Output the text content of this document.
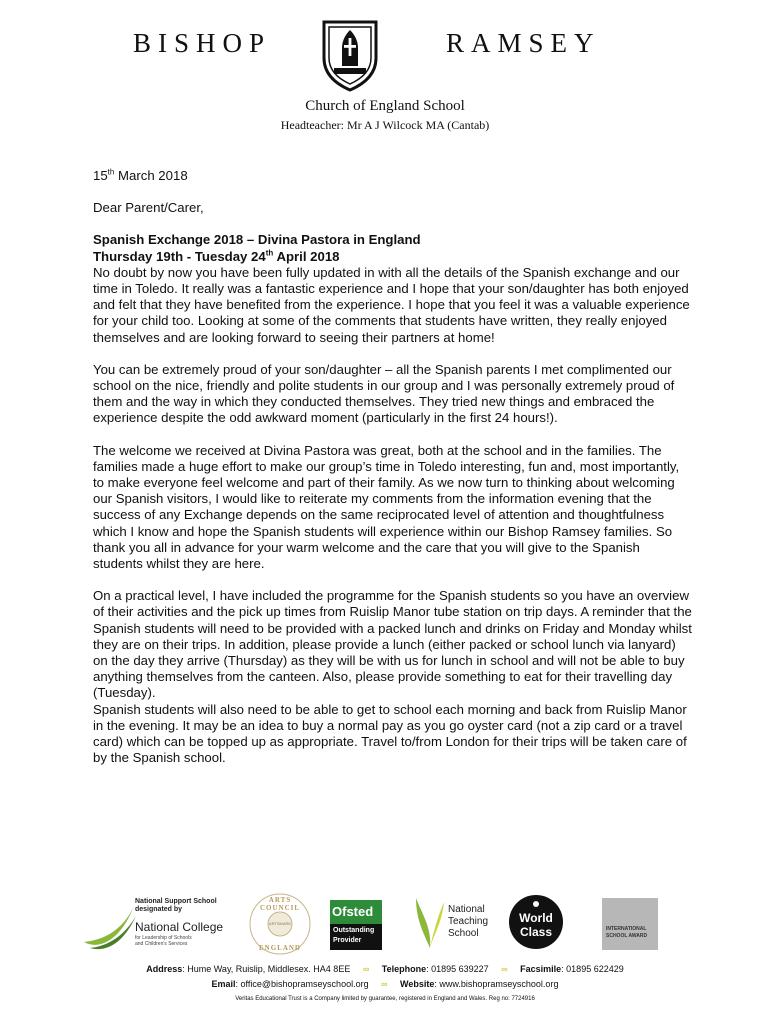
BISHOP	RAMSEY
Church of England School
Headteacher: Mr A J Wilcock MA (Cantab)

15th March 2018

Dear Parent/Carer,

Spanish Exchange 2018 – Divina Pastora in England
Thursday 19th - Tuesday 24th April 2018

No doubt by now you have been fully updated in with all the details of the Spanish exchange and our time in Toledo. It really was a fantastic experience and I hope that your son/daughter has both enjoyed and felt that they have benefited from the experience. I hope that you feel it was a valuable experience for your child too. Looking at some of the comments that students have written, they really enjoyed themselves and are looking forward to seeing their partners at home!

You can be extremely proud of your son/daughter – all the Spanish parents I met complimented our school on the nice, friendly and polite students in our group and I was personally extremely proud of them and the way in which they conducted themselves. They tried new things and embraced the experience despite the odd awkward moment (particularly in the first 24 hours!).

The welcome we received at Divina Pastora was great, both at the school and in the families. The families made a huge effort to make our group’s time in Toledo interesting, fun and, most importantly, to make everyone feel welcome and part of their family. As we now turn to thinking about welcoming our Spanish visitors, I would like to reiterate my comments from the information evening that the success of any Exchange depends on the same reciprocated level of attention and thoughtfulness which I know and hope the Spanish students will experience within our Bishop Ramsey families. So thank you all in advance for your warm welcome and the care that you will give to the Spanish students whilst they are here.

On a practical level, I have included the programme for the Spanish students so you have an overview of their activities and the pick up times from Ruislip Manor tube station on trip days. A reminder that the Spanish students will need to be provided with a packed lunch and drinks on Friday and Monday whilst they are on their trips. In addition, please provide a lunch (either packed or school lunch via lanyard) on the day they arrive (Thursday) as they will be with us for lunch in school and will not be able to buy anything themselves from the canteen. Also, please provide something to eat for their travelling day (Tuesday).
Spanish students will also need to be able to get to school each morning and back from Ruislip Manor in the evening. It may be an idea to buy a normal pay as you go oyster card (not a zip card or a travel card) which can be topped up as appropriate. Travel to/from London for their trips will be taken care of by the Spanish school.
National Support School
designated by
National College
for Leadership of Schools
and Children's Services
ARTS COUNCIL
ARTSMARK
ENGLAND
Ofsted
Outstanding
Provider
National
Teaching
School
World
Class	INTERNATIONAL
SCHOOL AWARD
Address: Hume Way, Ruislip, Middlesex. HA4 8EE ∞ Telephone: 01895 639227 ∞ Facsimile: 01895 622429
Email: office@bishopramseyschool.org ∞ Website: www.bishopramseyschool.org
Veritas Educational Trust is a Company limited by guarantee, registered in England and Wales. Reg no: 7724916
